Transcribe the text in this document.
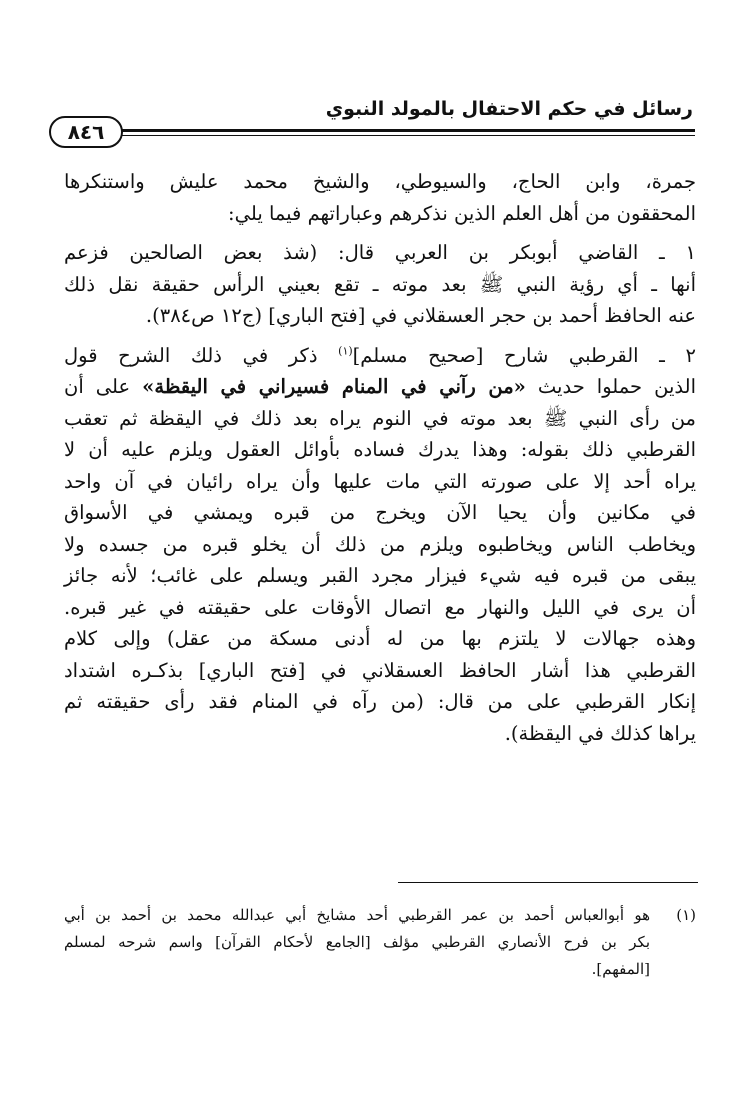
رسائل في حكم الاحتفال بالمولد النبوي
٨٤٦
جمرة، وابن الحاج، والسيوطي، والشيخ محمد عليش واستنكرها
المحققون من أهل العلم الذين نذكرهم وعباراتهم فيما يلي:
١ ـ القاضي أبوبكر بن العربي قال: (شذ بعض الصالحين فزعم
أنها ـ أي رؤية النبي ﷺ بعد موته ـ تقع بعيني الرأس حقيقة نقل ذلك
عنه الحافظ أحمد بن حجر العسقلاني في [فتح الباري] (ج١٢ ص٣٨٤).
٢ ـ القرطبي شارح [صحيح مسلم]$^{(١)}$ ذكر في ذلك الشرح قول
الذين حملوا حديث «من رآني في المنام فسيراني في اليقظة» على أن
من رأى النبي ﷺ بعد موته في النوم يراه بعد ذلك في اليقظة ثم تعقب
القرطبي ذلك بقوله: وهذا يدرك فساده بأوائل العقول ويلزم عليه أن لا
يراه أحد إلا على صورته التي مات عليها وأن يراه رائيان في آن واحد
في مكانين وأن يحيا الآن ويخرج من قبره ويمشي في الأسواق
ويخاطب الناس ويخاطبوه ويلزم من ذلك أن يخلو قبره من جسده ولا
يبقى من قبره فيه شيء فيزار مجرد القبر ويسلم على غائب؛ لأنه جائز
أن يرى في الليل والنهار مع اتصال الأوقات على حقيقته في غير قبره.
وهذه جهالات لا يلتزم بها من له أدنى مسكة من عقل) وإلى كلام
القرطبي هذا أشار الحافظ العسقلاني في [فتح الباري] بذكـره اشتداد
إنكار القرطبي على من قال: (من رآه في المنام فقد رأى حقيقته ثم
يراها كذلك في اليقظة).
(١)
هو أبوالعباس أحمد بن عمر القرطبي أحد مشايخ أبي عبدالله محمد بن أحمد بن أبي
بكر بن فرح الأنصاري القرطبي مؤلف [الجامع لأحكام القرآن] واسم شرحه لمسلم
[المفهم].
